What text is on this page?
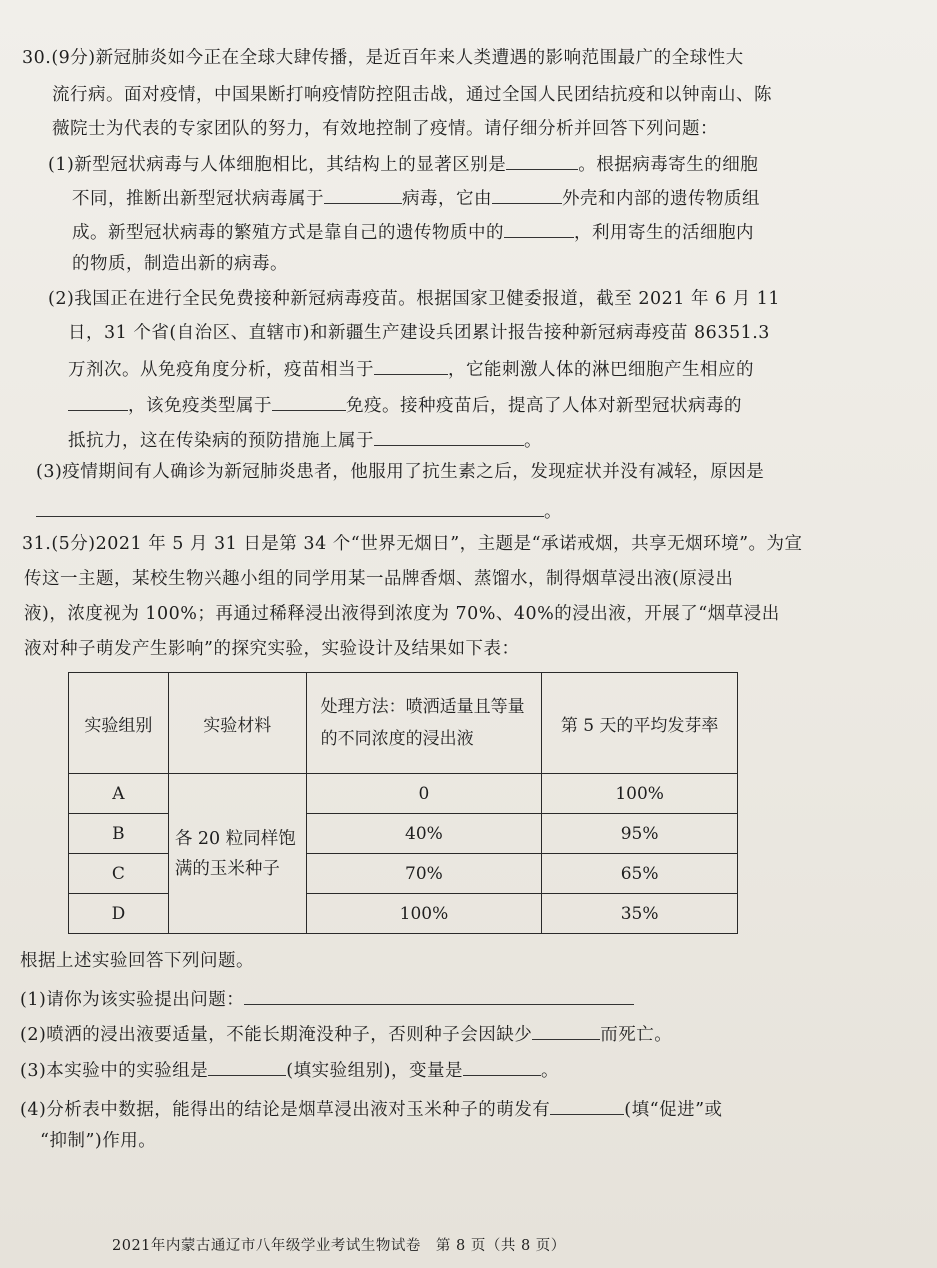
30.(9分)新冠肺炎如今正在全球大肆传播，是近百年来人类遭遇的影响范围最广的全球性大
流行病。面对疫情，中国果断打响疫情防控阻击战，通过全国人民团结抗疫和以钟南山、陈
薇院士为代表的专家团队的努力，有效地控制了疫情。请仔细分析并回答下列问题：
(1)新型冠状病毒与人体细胞相比，其结构上的显著区别是	。根据病毒寄生的细胞
不同，推断出新型冠状病毒属于	病毒，它由	外壳和内部的遗传物质组
成。新型冠状病毒的繁殖方式是靠自己的遗传物质中的	，利用寄生的活细胞内
的物质，制造出新的病毒。
(2)我国正在进行全民免费接种新冠病毒疫苗。根据国家卫健委报道，截至 2021 年 6 月 11
日，31 个省(自治区、直辖市)和新疆生产建设兵团累计报告接种新冠病毒疫苗 86351.3
万剂次。从免疫角度分析，疫苗相当于	，它能刺激人体的淋巴细胞产生相应的
，该免疫类型属于	免疫。接种疫苗后，提高了人体对新型冠状病毒的
抵抗力，这在传染病的预防措施上属于	。
(3)疫情期间有人确诊为新冠肺炎患者，他服用了抗生素之后，发现症状并没有减轻，原因是
。
31.(5分)2021 年 5 月 31 日是第 34 个“世界无烟日”，主题是“承诺戒烟，共享无烟环境”。为宣
传这一主题，某校生物兴趣小组的同学用某一品牌香烟、蒸馏水，制得烟草浸出液(原浸出
液)，浓度视为 100%；再通过稀释浸出液得到浓度为 70%、40%的浸出液，开展了“烟草浸出
液对种子萌发产生影响”的探究实验，实验设计及结果如下表：
实验组别	实验材料	处理方法：喷洒适量且等量的不同浓度的浸出液	第 5 天的平均发芽率
A	各 20 粒同样饱满的玉米种子	0	100%
B		40%	95%
C		70%	65%
D		100%	35%
根据上述实验回答下列问题。
(1)请你为该实验提出问题：
(2)喷洒的浸出液要适量，不能长期淹没种子，否则种子会因缺少	而死亡。
(3)本实验中的实验组是	(填实验组别)，变量是	。
(4)分析表中数据，能得出的结论是烟草浸出液对玉米种子的萌发有	(填“促进”或
“抑制”)作用。
2021年内蒙古通辽市八年级学业考试生物试卷　第 8 页（共 8 页）
